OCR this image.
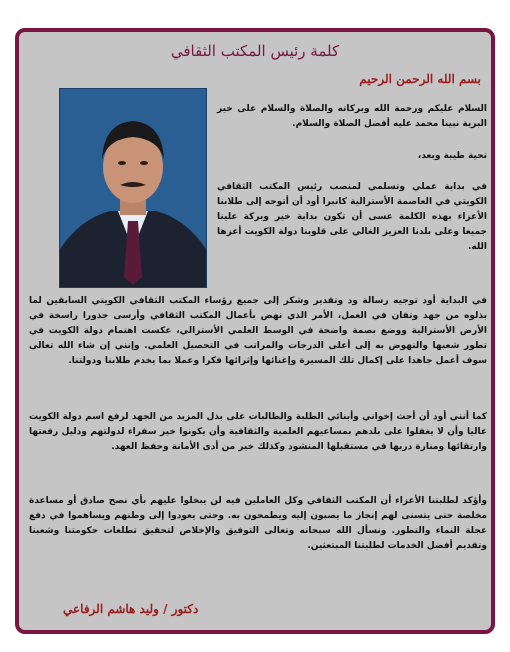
كلمة رئيس المكتب الثقافي
بسم الله الرحمن الرحيم
السلام عليكم ورحمة الله وبركاته والصلاة والسلام على خير البرية نبينا محمد عليه أفضل الصلاة والسلام.
تحية طيبة وبعد،
في بداية عملي وتسلمي لمنصب رئيس المكتب الثقافي الكويتي في العاصمة الأسترالية كانبرا أود أن أتوجه إلى طلابنا الأعزاء بهذه الكلمة عسى أن تكون بداية خير وبركة علينا جميعا وعلى بلدنا العزيز الغالي على قلوبنا دولة الكويت أعزها الله.
في البداية أود توجيه رسالة ود وتقدير وشكر إلى جميع رؤساء المكتب الثقافي الكويتي السابقين لما بذلوه من جهد وتفان في العمل، الأمر الذي نهض بأعمال المكتب الثقافي وأرسى جذورا راسخة في الأرض الأسترالية ووضع بصمة واضحة في الوسط العلمي الأسترالي، عكست اهتمام دولة الكويت في تطور شعبها والنهوض به إلى أعلى الدرجات والمراتب في التحصيل العلمي. وإنني إن شاء الله تعالى سوف أعمل جاهدا على إكمال تلك المسيرة وإغنائها وإثرائها فكرا وعملا بما يخدم طلابنا ودولتنا.
كما أنني أود أن أحث إخواني وأبنائي الطلبة والطالبات على بذل المزيد من الجهد لرفع اسم دولة الكويت عاليا وأن لا يغفلوا على بلدهم بمساعيهم العلمية والثقافية وأن يكونوا خير سفراء لدولتهم ودليل رفعتها وارتقائها ومنارة دربها في مستقبلها المنشود وكذلك خير من أدى الأمانة وحفظ العهد.
وأؤكد لطلبتنا الأعزاء أن المكتب الثقافي وكل العاملين فيه لن يبخلوا عليهم بأي نصح صادق أو مساعدة مخلصة حتى يتسنى لهم إنجاز ما يصبون إليه ويطمحون به. وحتى يعودوا إلى وطنهم ويساهموا في دفع عجلة النماء والتطور. ونسأل الله سبحانه وتعالى التوفيق والإخلاص لتحقيق تطلعات حكومتنا وشعبنا وتقديم أفضل الخدمات لطلبتنا المبتعثين.
دكتور / وليد هاشم الرفاعي
